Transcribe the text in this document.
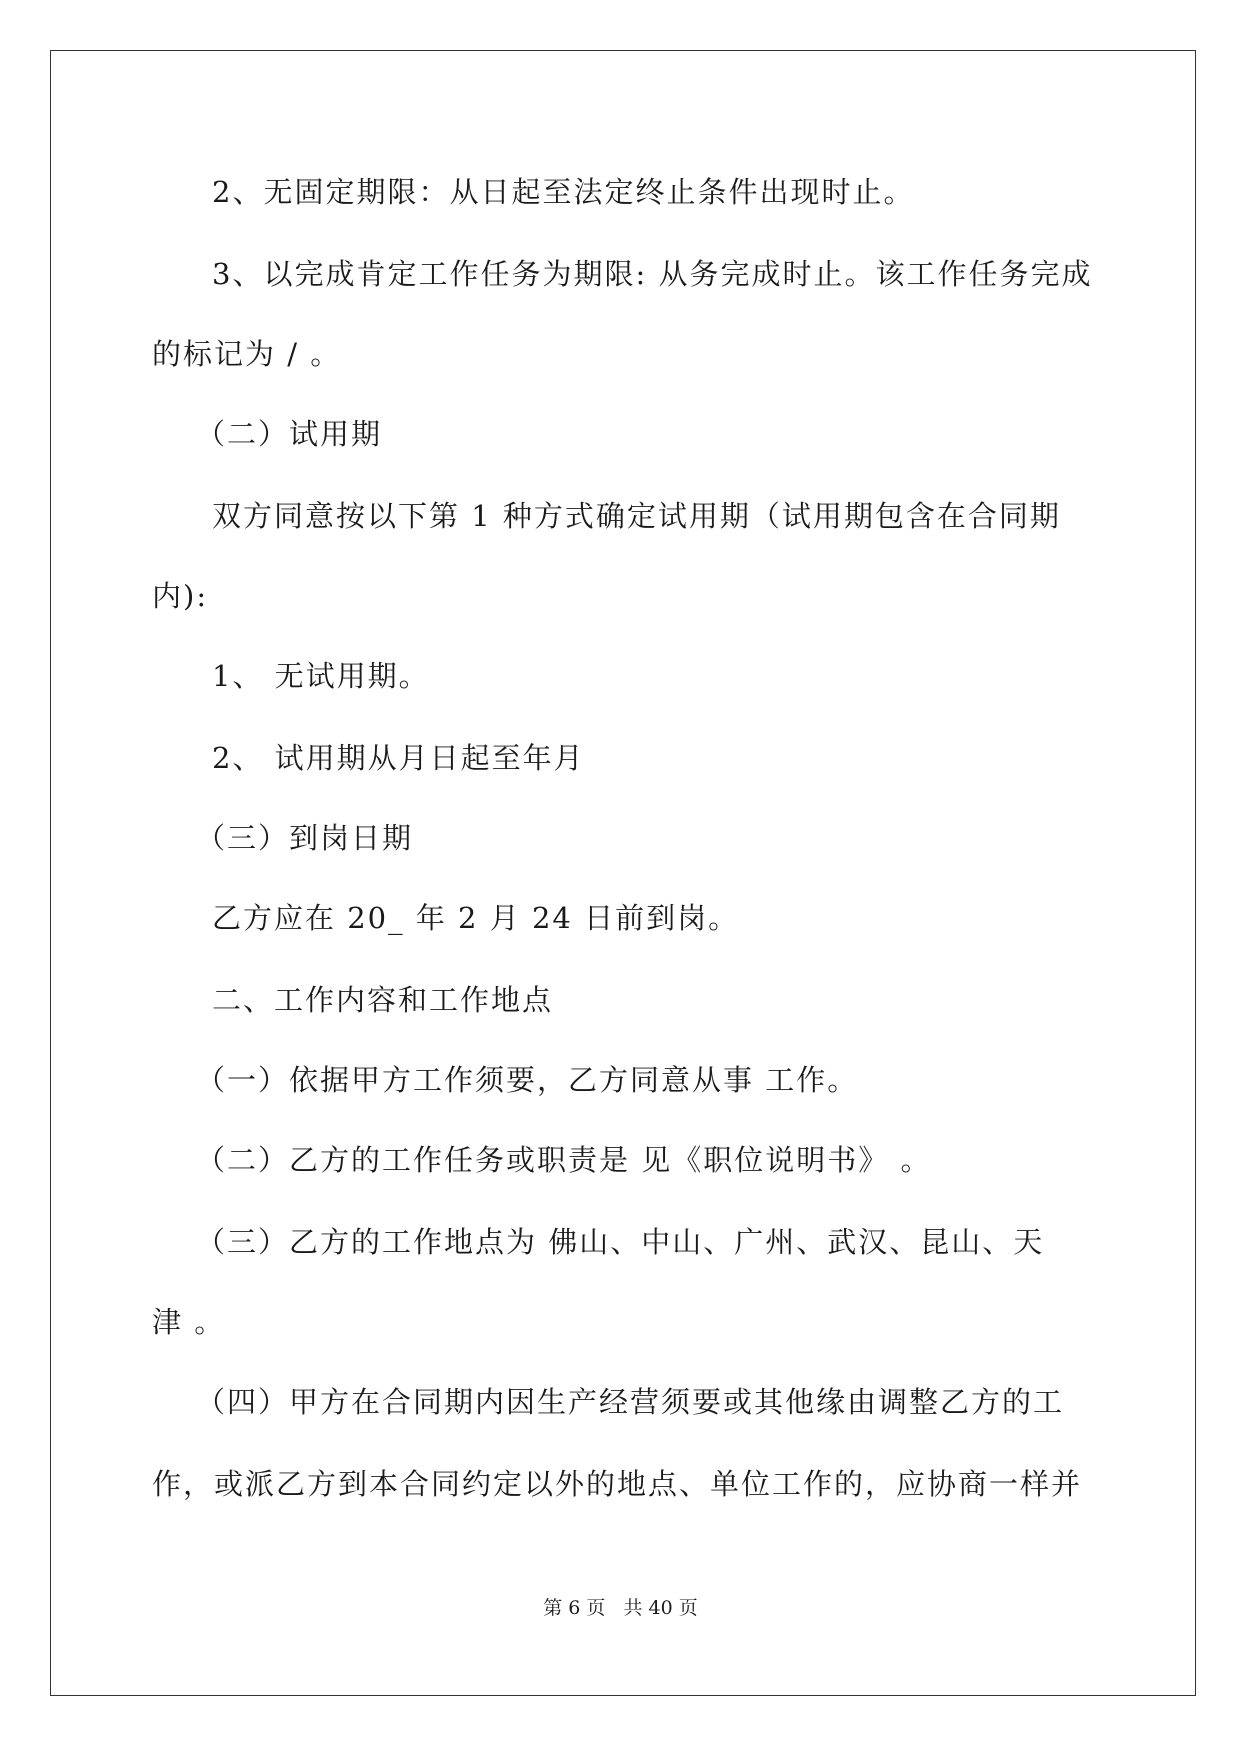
2、无固定期限：从日起至法定终止条件出现时止。
3、以完成肯定工作任务为期限: 从务完成时止。该工作任务完成
的标记为 / 。
（二）试用期
双方同意按以下第 1 种方式确定试用期（试用期包含在合同期
内):
1、 无试用期。
2、 试用期从月日起至年月
（三）到岗日期
乙方应在 20_ 年 2 月 24 日前到岗。
二、工作内容和工作地点
（一）依据甲方工作须要，乙方同意从事 工作。
（二）乙方的工作任务或职责是 见《职位说明书》 。
（三）乙方的工作地点为 佛山、中山、广州、武汉、昆山、天
津 。
（四）甲方在合同期内因生产经营须要或其他缘由调整乙方的工
作，或派乙方到本合同约定以外的地点、单位工作的，应协商一样并
第 6 页   共 40 页
